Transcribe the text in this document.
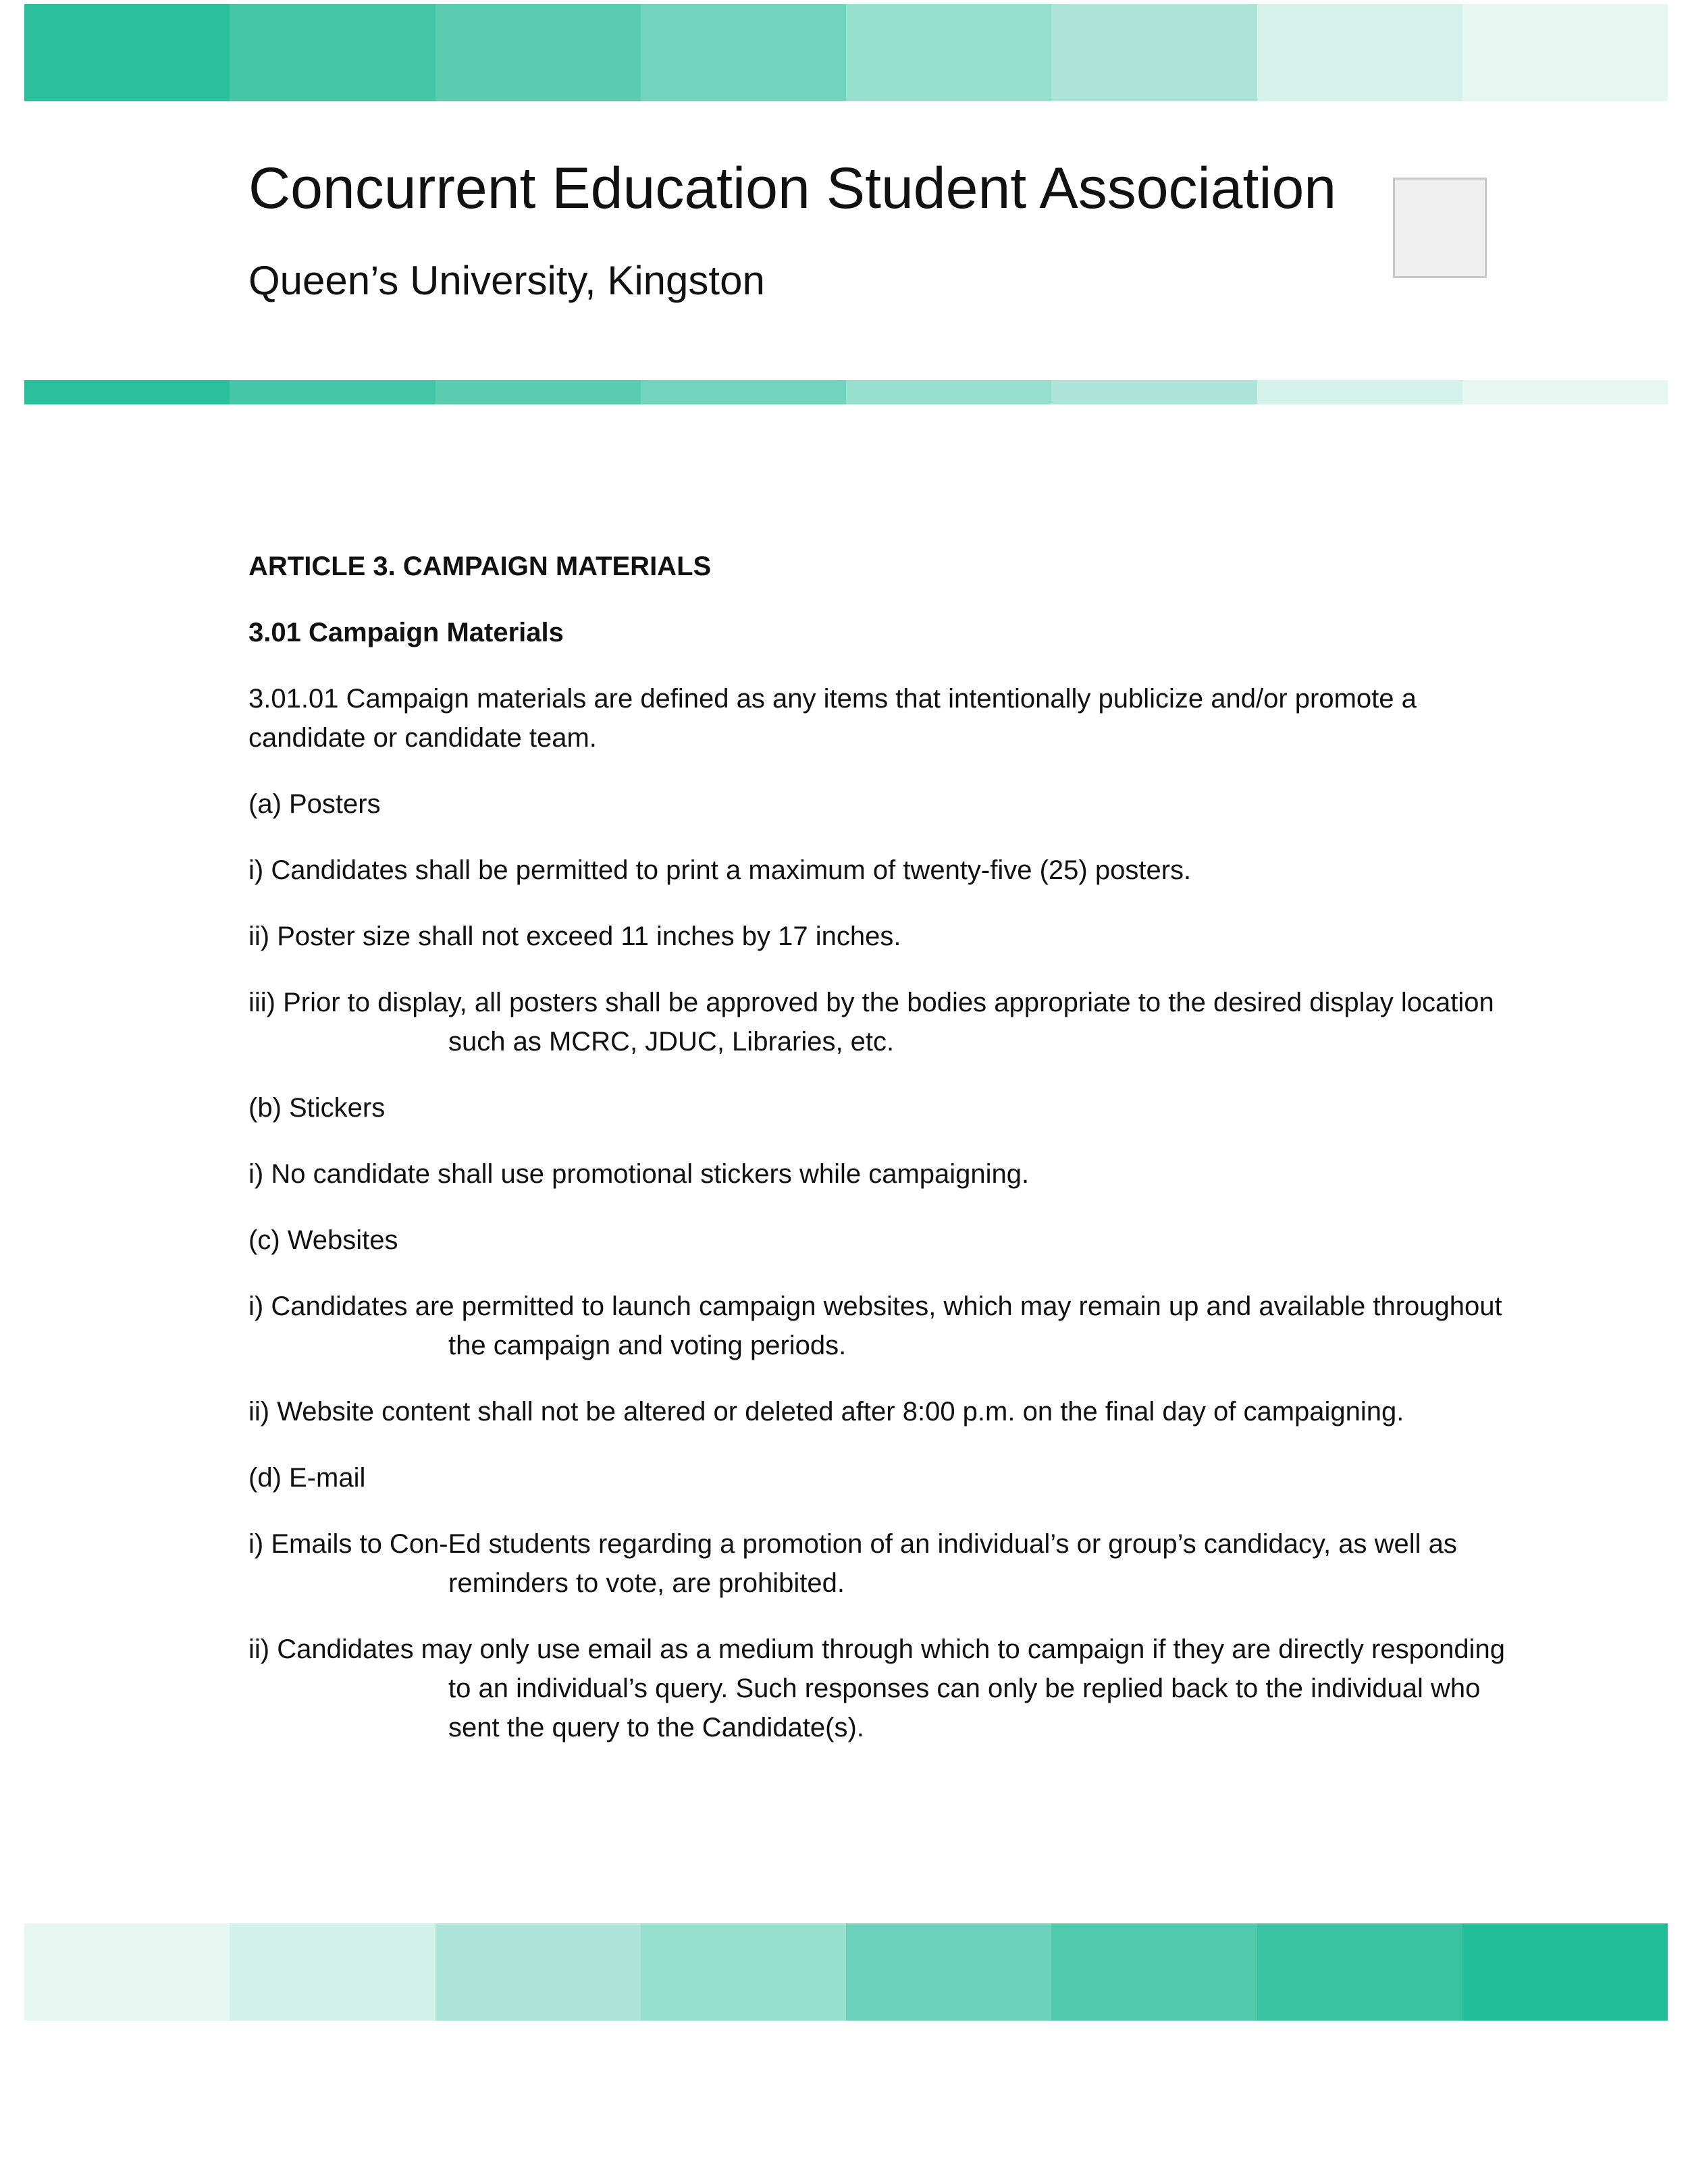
Concurrent Education Student Association
Queen’s University, Kingston

ARTICLE 3. CAMPAIGN MATERIALS

3.01 Campaign Materials

3.01.01 Campaign materials are defined as any items that intentionally publicize and/or promote a candidate or candidate team.

(a) Posters

i) Candidates shall be permitted to print a maximum of twenty-five (25) posters.

ii) Poster size shall not exceed 11 inches by 17 inches.

iii) Prior to display, all posters shall be approved by the bodies appropriate to the desired display location such as MCRC, JDUC, Libraries, etc.

(b) Stickers

i) No candidate shall use promotional stickers while campaigning.

(c) Websites

i) Candidates are permitted to launch campaign websites, which may remain up and available throughout the campaign and voting periods.

ii) Website content shall not be altered or deleted after 8:00 p.m. on the final day of campaigning.

(d) E-mail

i) Emails to Con-Ed students regarding a promotion of an individual’s or group’s candidacy, as well as reminders to vote, are prohibited.

ii) Candidates may only use email as a medium through which to campaign if they are directly responding to an individual’s query. Such responses can only be replied back to the individual who sent the query to the Candidate(s).
